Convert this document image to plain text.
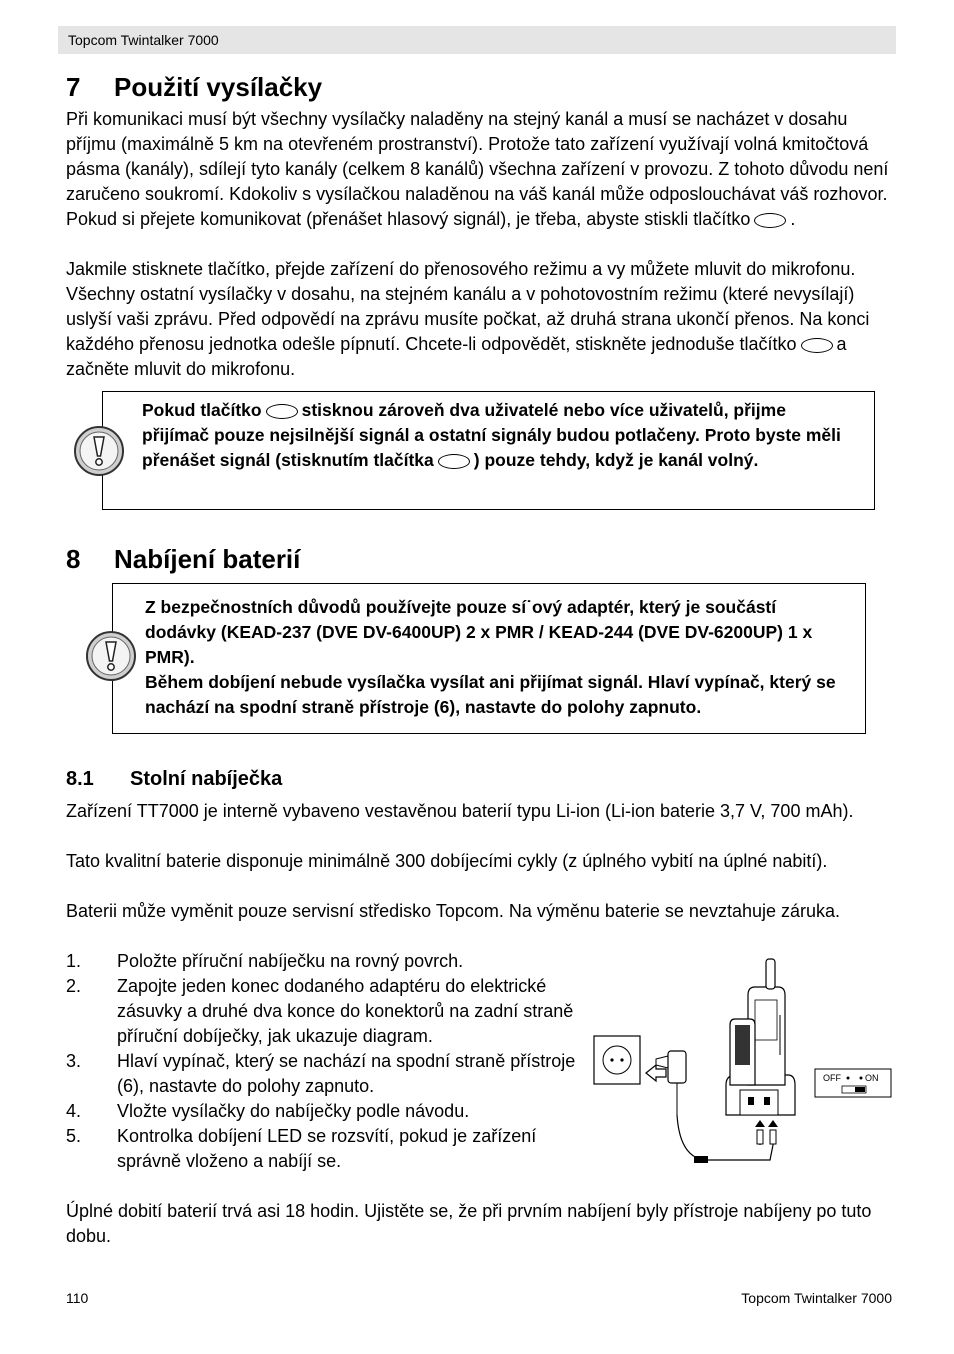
Topcom Twintalker 7000
7 Použití vysílačky

Při komunikaci musí být všechny vysílačky naladěny na stejný kanál a musí se nacházet v dosahu příjmu (maximálně 5 km na otevřeném prostranství). Protože tato zařízení využívají volná kmitočtová pásma (kanály), sdílejí tyto kanály (celkem 8 kanálů) všechna zařízení v provozu. Z tohoto důvodu není zaručeno soukromí. Kdokoliv s vysílačkou naladěnou na váš kanál může odposlouchávat váš rozhovor. Pokud si přejete komunikovat (přenášet hlasový signál), je třeba, abyste stiskli tlačítko .

Jakmile stisknete tlačítko, přejde zařízení do přenosového režimu a vy můžete mluvit do mikrofonu. Všechny ostatní vysílačky v dosahu, na stejném kanálu a v pohotovostním režimu (které nevysílají) uslyší vaši zprávu. Před odpovědí na zprávu musíte počkat, až druhá strana ukončí přenos. Na konci každého přenosu jednotka odešle pípnutí. Chcete-li odpovědět, stiskněte jednoduše tlačítko a začněte mluvit do mikrofonu.

Pokud tlačítko stisknou zároveň dva uživatelé nebo více uživatelů, přijme přijímač pouze nejsilnější signál a ostatní signály budou potlačeny. Proto byste měli přenášet signál (stisknutím tlačítka ) pouze tehdy, když je kanál volný.

8 Nabíjení baterií
Z bezpečnostních důvodů používejte pouze sí˙ový adaptér, který je součástí dodávky (KEAD-237 (DVE DV-6400UP) 2 x PMR / KEAD-244 (DVE DV-6200UP) 1 x PMR).
Během dobíjení nebude vysílačka vysílat ani přijímat signál. Hlaví vypínač, který se nachází na spodní straně přístroje (6), nastavte do polohy zapnuto.
8.1 Stolní nabíječka

Zařízení TT7000 je interně vybaveno vestavěnou baterií typu Li-ion (Li-ion baterie 3,7 V, 700 mAh).

Tato kvalitní baterie disponuje minimálně 300 dobíjecími cykly (z úplného vybití na úplné nabití).

Baterii může vyměnit pouze servisní středisko Topcom. Na výměnu baterie se nevztahuje záruka.

1. Položte příruční nabíječku na rovný povrch.
2. Zapojte jeden konec dodaného adaptéru do elektrické zásuvky a druhé dva konce do konektorů na zadní straně příruční dobíječky, jak ukazuje diagram.
3. Hlaví vypínač, který se nachází na spodní straně přístroje (6), nastavte do polohy zapnuto.
4. Vložte vysílačky do nabíječky podle návodu.
5. Kontrolka dobíjení LED se rozsvítí, pokud je zařízení správně vloženo a nabíjí se.
OFF	ON

Úplné dobití baterií trvá asi 18 hodin. Ujistěte se, že při prvním nabíjení byly přístroje nabíjeny po tuto dobu.

110	Topcom Twintalker 7000
